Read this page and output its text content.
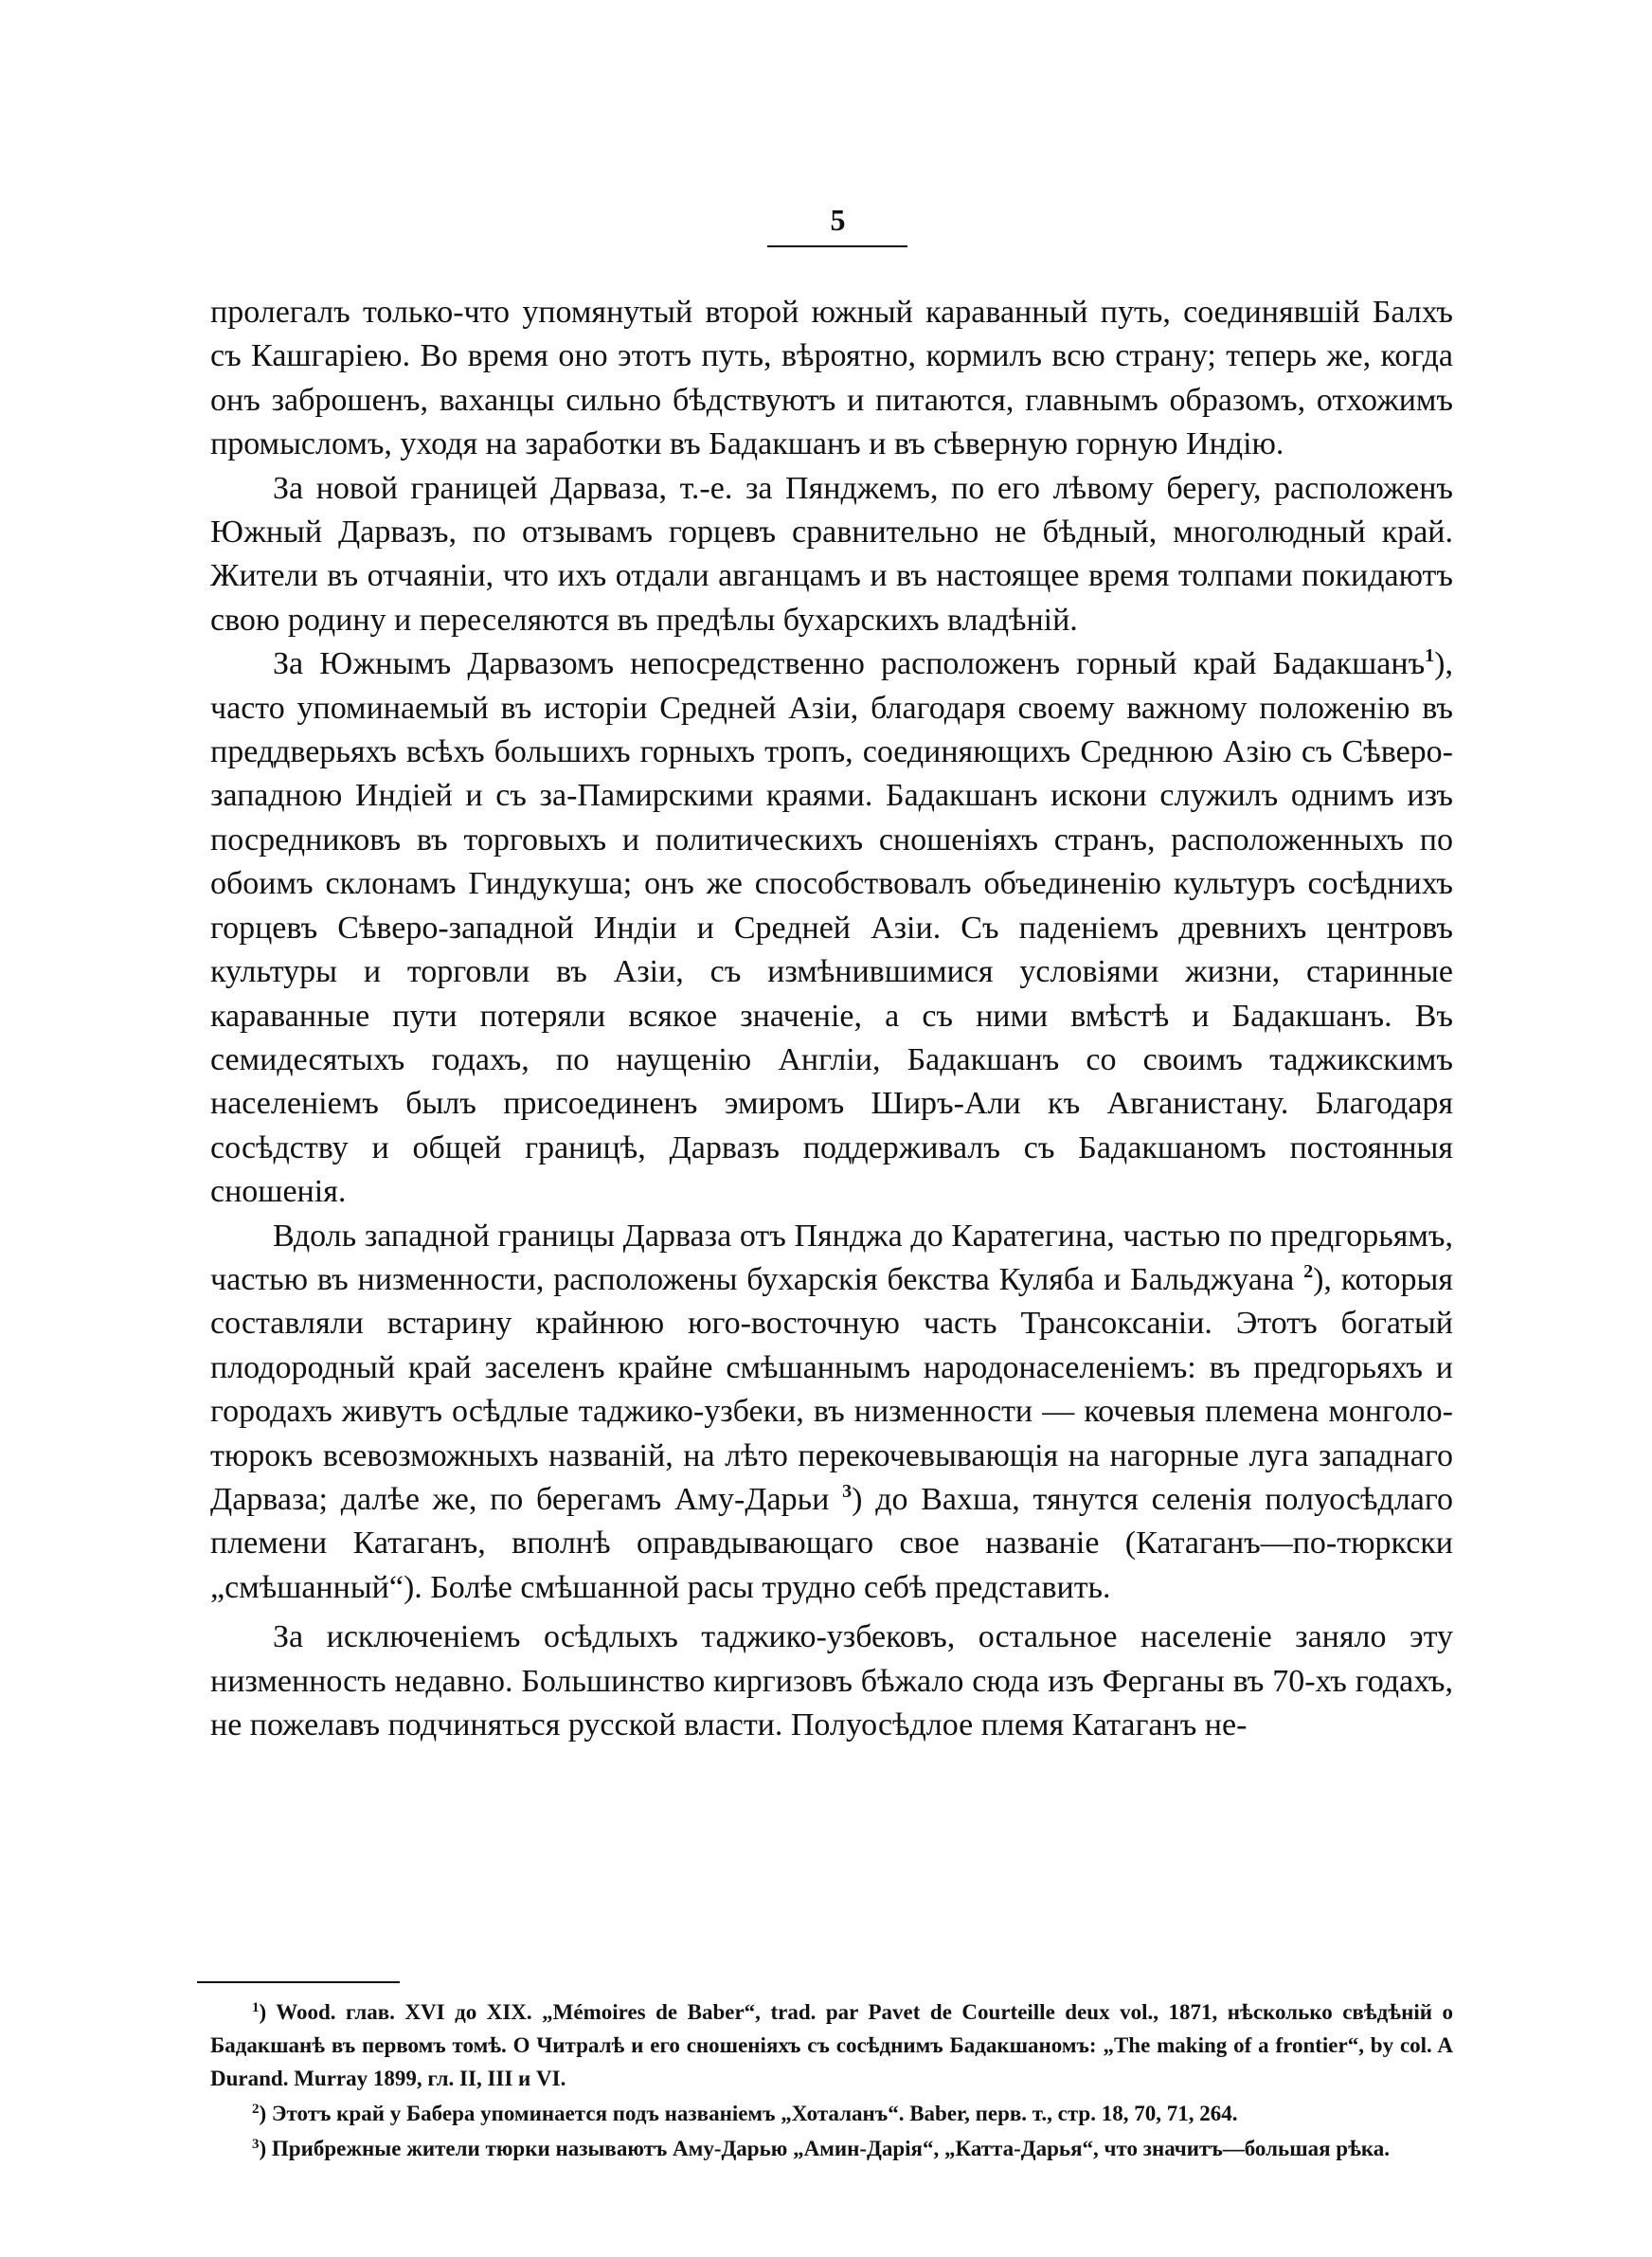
5

пролегалъ только-что упомянутый второй южный караванный путь, соединявшій Балхъ съ Кашгаріею. Во время оно этотъ путь, вѣроятно, кормилъ всю страну; теперь же, когда онъ заброшенъ, ваханцы сильно бѣдствуютъ и питаются, главнымъ образомъ, отхожимъ промысломъ, уходя на заработки въ Бадакшанъ и въ сѣверную горную Индію.

За новой границей Дарваза, т.-е. за Пянджемъ, по его лѣвому берегу, расположенъ Южный Дарвазъ, по отзывамъ горцевъ сравнительно не бѣдный, многолюдный край. Жители въ отчаяніи, что ихъ отдали авганцамъ и въ настоящее время толпами покидаютъ свою родину и переселяются въ предѣлы бухарскихъ владѣній.

За Южнымъ Дарвазомъ непосредственно расположенъ горный край Бадакшанъ$^1$), часто упоминаемый въ исторіи Средней Азіи, благодаря своему важному положенію въ преддверьяхъ всѣхъ большихъ горныхъ тропъ, соединяющихъ Среднюю Азію съ Сѣверо-западною Индіей и съ за-Памирскими краями. Бадакшанъ искони служилъ однимъ изъ посредниковъ въ торговыхъ и политическихъ сношеніяхъ странъ, расположенныхъ по обоимъ склонамъ Гиндукуша; онъ же способствовалъ объединенію культуръ сосѣднихъ горцевъ Сѣверо-западной Индіи и Средней Азіи. Съ паденіемъ древнихъ центровъ культуры и торговли въ Азіи, съ измѣнившимися условіями жизни, старинные караванные пути потеряли всякое значеніе, а съ ними вмѣстѣ и Бадакшанъ. Въ семидесятыхъ годахъ, по наущенію Англіи, Бадакшанъ со своимъ таджикскимъ населеніемъ былъ присоединенъ эмиромъ Ширъ-Али къ Авганистану. Благодаря сосѣдству и общей границѣ, Дарвазъ поддерживалъ съ Бадакшаномъ постоянныя сношенія.

Вдоль западной границы Дарваза отъ Пянджа до Каратегина, частью по предгорьямъ, частью въ низменности, расположены бухарскія бекства Куляба и Бальджуана $^2$), которыя составляли встарину крайнюю юго-восточную часть Трансоксаніи. Этотъ богатый плодородный край заселенъ крайне смѣшаннымъ народонаселеніемъ: въ предгорьяхъ и городахъ живутъ осѣдлые таджико-узбеки, въ низменности — кочевыя племена монголо-тюрокъ всевозможныхъ названій, на лѣто перекочевывающія на нагорные луга западнаго Дарваза; далѣе же, по берегамъ Аму-Дарьи $^3$) до Вахша, тянутся селенія полуосѣдлаго племени Катаганъ, вполнѣ оправдывающаго свое названіе (Катаганъ—по-тюркски „смѣшанный“). Болѣе смѣшанной расы трудно себѣ представить.

За исключеніемъ осѣдлыхъ таджико-узбековъ, остальное населеніе заняло эту низменность недавно. Большинство киргизовъ бѣжало сюда изъ Ферганы въ 70-хъ годахъ, не пожелавъ подчиняться русской власти. Полуосѣдлое племя Катаганъ не-

$^1$) Wood. глав. XVI до XIX. „Mémoires de Baber“, trad. par Pavet de Courteille deux vol., 1871, нѣсколько свѣдѣній о Бадакшанѣ въ первомъ томѣ. О Читралѣ и его сношеніяхъ съ сосѣднимъ Бадакшаномъ: „The making of a frontier“, by col. A Durand. Murray 1899, гл. II, III и VI.

$^2$) Этотъ край у Бабера упоминается подъ названіемъ „Хоталанъ“. Baber, перв. т., стр. 18, 70, 71, 264.

$^3$) Прибрежные жители тюрки называютъ Аму-Дарью „Амин-Дарія“, „Катта-Дарья“, что значитъ—большая рѣка.
